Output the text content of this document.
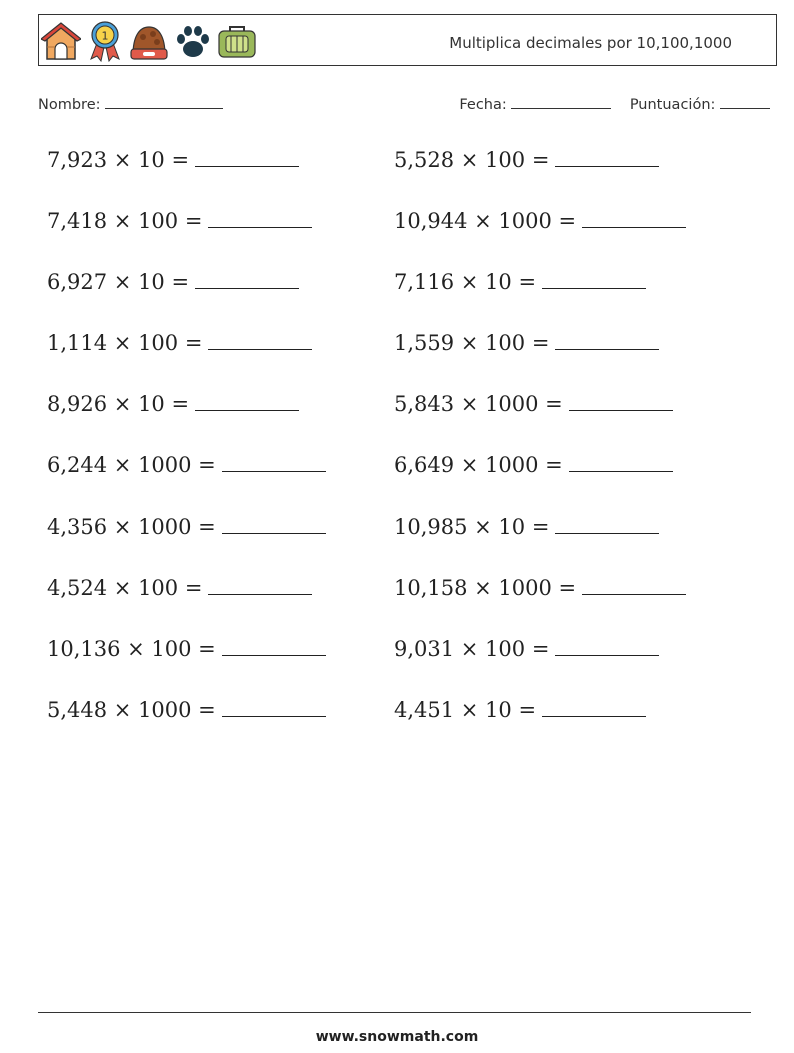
1	Multiplica decimales por 10,100,1000
Nombre:	Fecha:	Puntuación:
7,923 × 10 =	5,528 × 100 =
7,418 × 100 =	10,944 × 1000 =
6,927 × 10 =	7,116 × 10 =
1,114 × 100 =	1,559 × 100 =
8,926 × 10 =	5,843 × 1000 =
6,244 × 1000 =	6,649 × 1000 =
4,356 × 1000 =	10,985 × 10 =
4,524 × 100 =	10,158 × 1000 =
10,136 × 100 =	9,031 × 100 =
5,448 × 1000 =	4,451 × 10 =
www.snowmath.com
